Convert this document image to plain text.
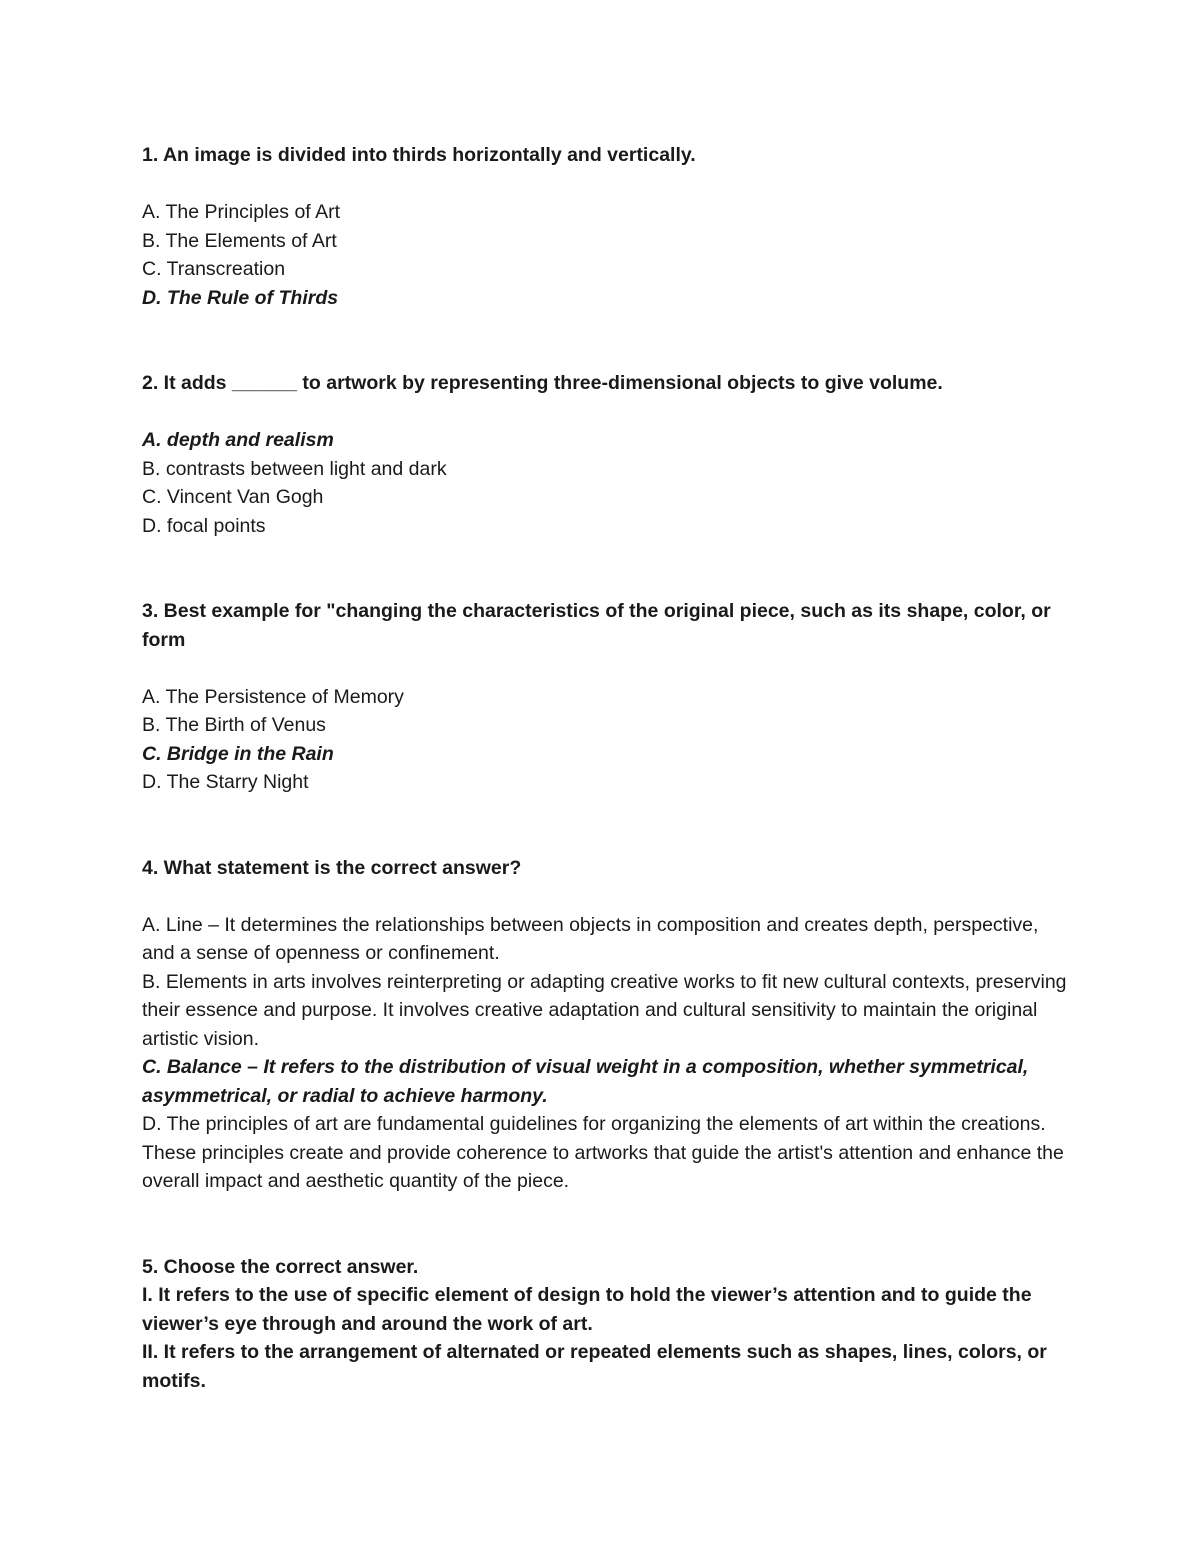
1. An image is divided into thirds horizontally and vertically.

A. The Principles of Art

B. The Elements of Art

C. Transcreation

D. The Rule of Thirds

2. It adds ______ to artwork by representing three-dimensional objects to give volume.

A. depth and realism

B. contrasts between light and dark

C. Vincent Van Gogh

D. focal points

3. Best example for "changing the characteristics of the original piece, such as its shape, color, or form

A. The Persistence of Memory

B. The Birth of Venus

C. Bridge in the Rain

D. The Starry Night

4. What statement is the correct answer?

A. Line – It determines the relationships between objects in composition and creates depth, perspective, and a sense of openness or confinement.

B. Elements in arts involves reinterpreting or adapting creative works to fit new cultural contexts, preserving their essence and purpose. It involves creative adaptation and cultural sensitivity to maintain the original artistic vision.

C. Balance – It refers to the distribution of visual weight in a composition, whether symmetrical, asymmetrical, or radial to achieve harmony.

D. The principles of art are fundamental guidelines for organizing the elements of art within the creations. These principles create and provide coherence to artworks that guide the artist's attention and enhance the overall impact and aesthetic quantity of the piece.

5. Choose the correct answer.

I. It refers to the use of specific element of design to hold the viewer’s attention and to guide the viewer’s eye through and around the work of art.

II. It refers to the arrangement of alternated or repeated elements such as shapes, lines, colors, or motifs.
